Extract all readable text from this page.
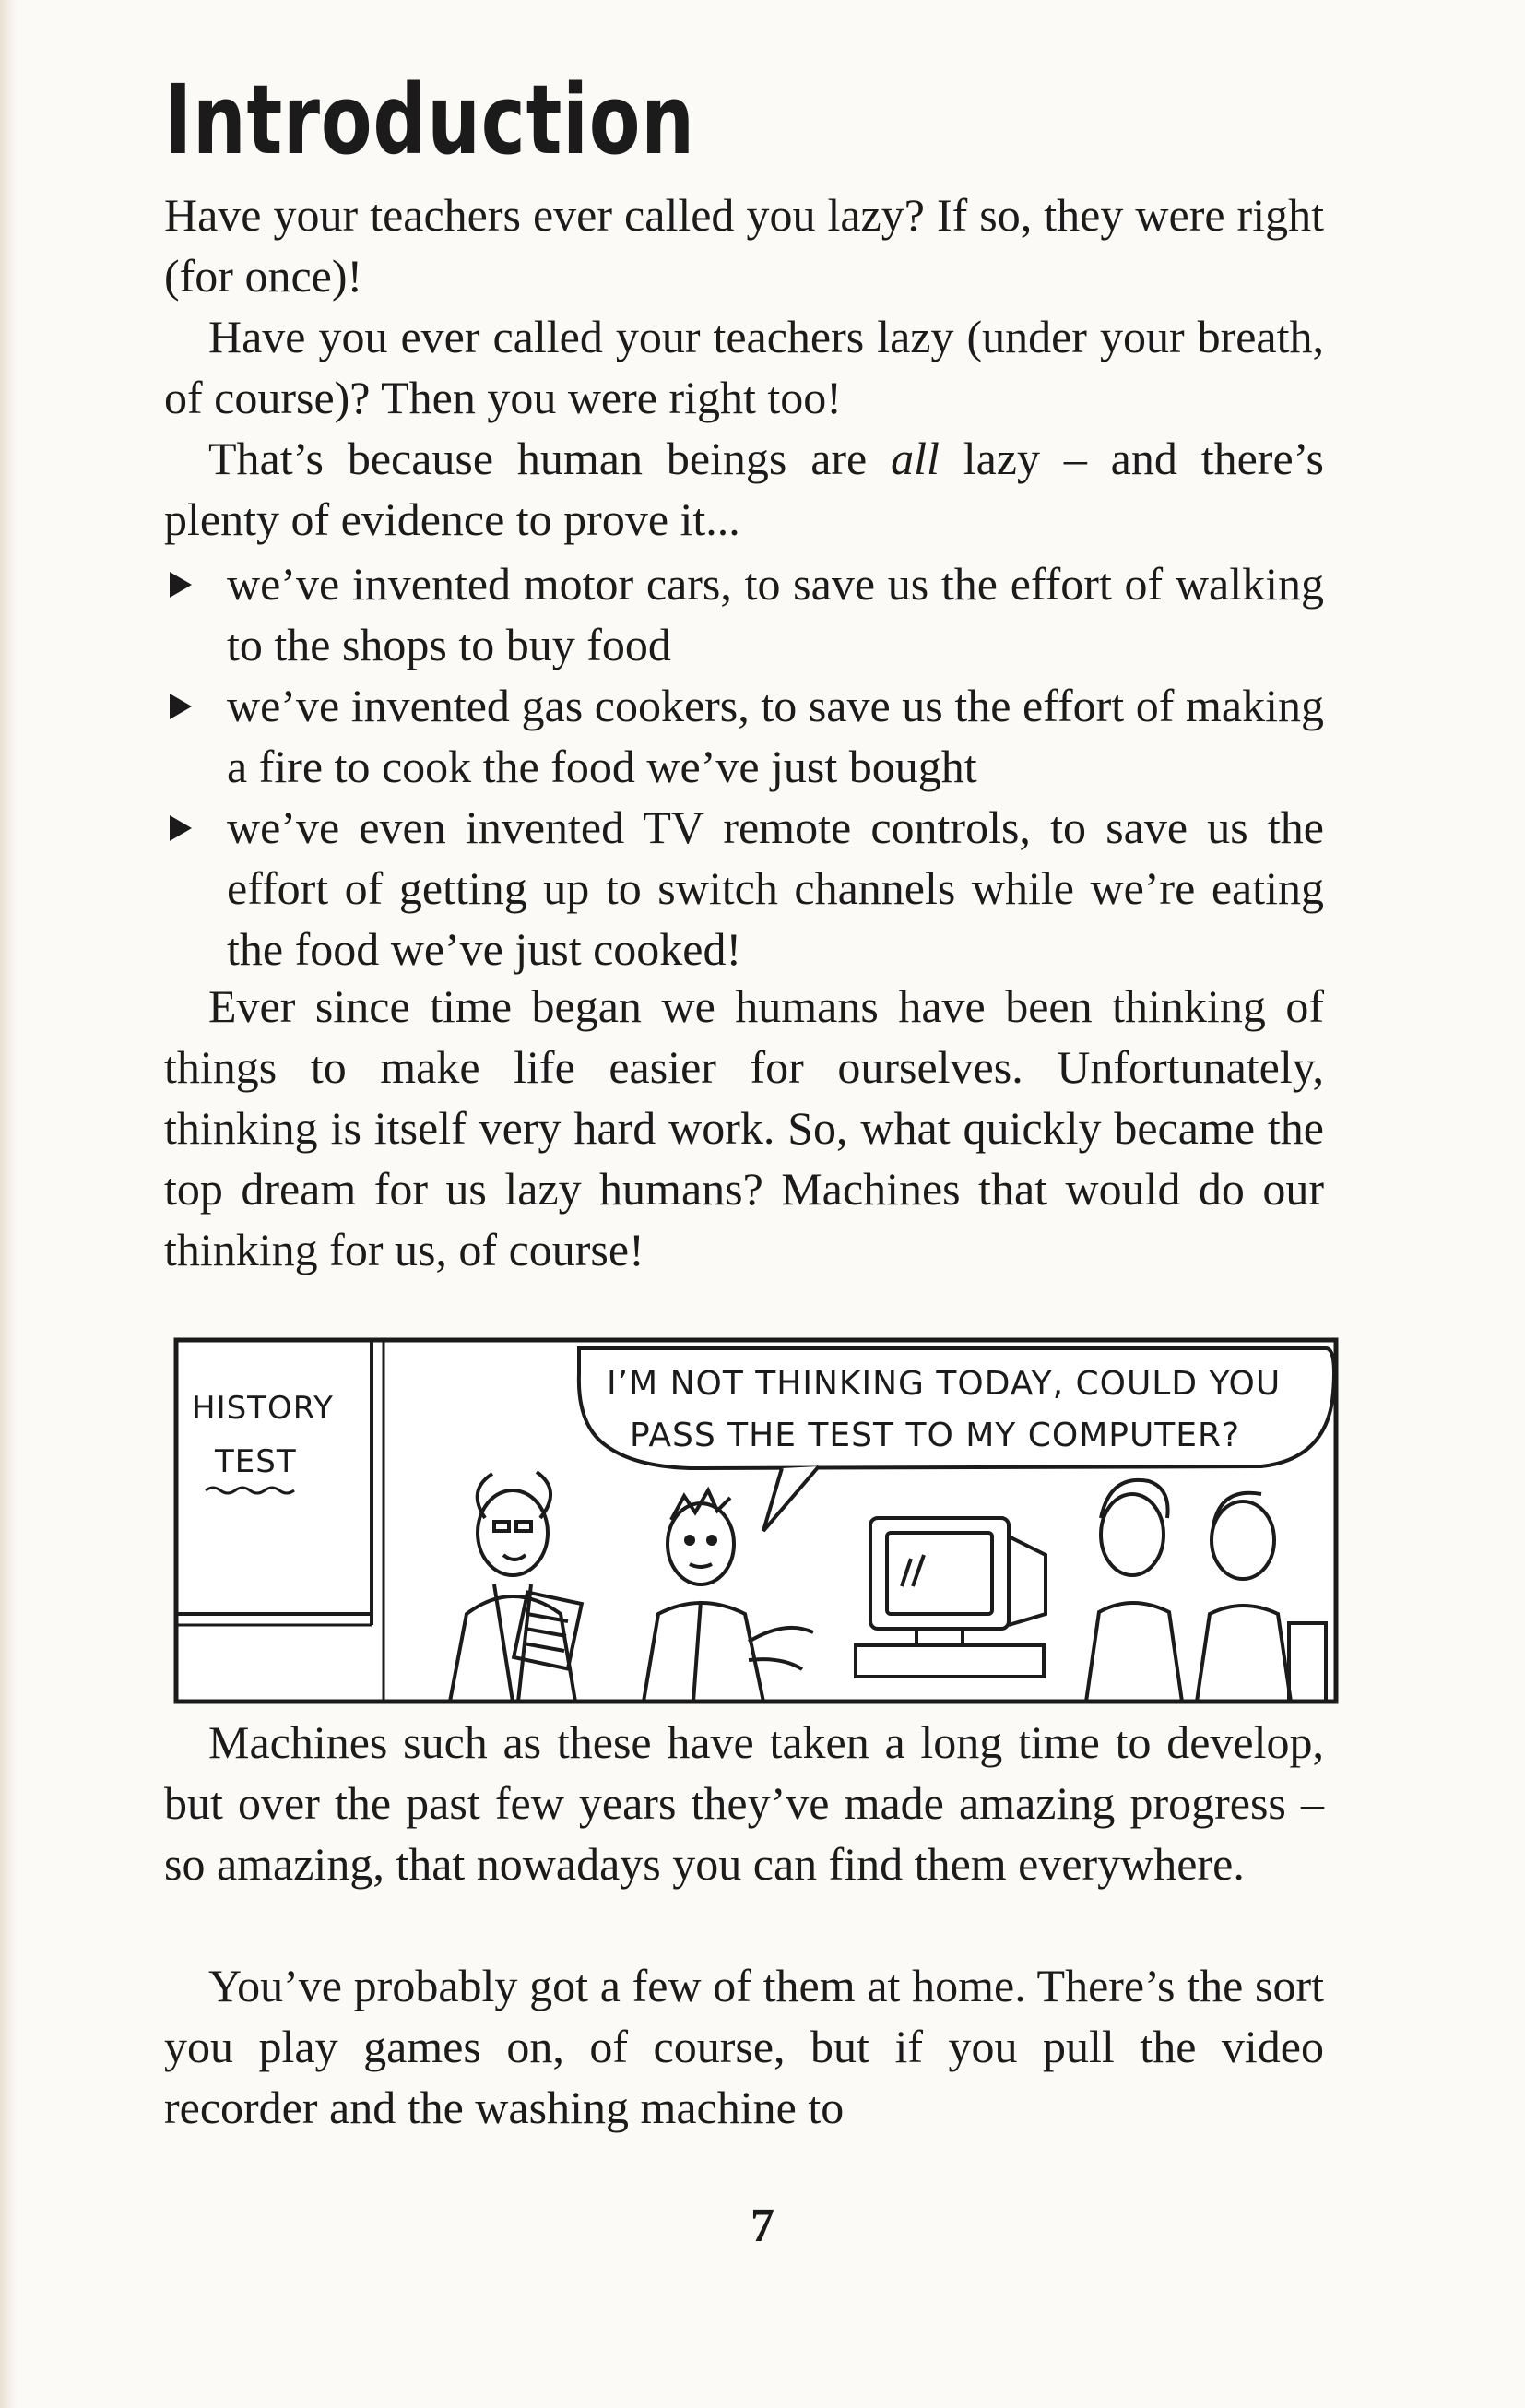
Introduction

Have your teachers ever called you lazy? If so, they were right (for once)!

Have you ever called your teachers lazy (under your breath, of course)? Then you were right too!

That’s because human beings are all lazy – and there’s plenty of evidence to prove it...

we’ve invented motor cars, to save us the effort of walking to the shops to buy food
we’ve invented gas cookers, to save us the effort of making a fire to cook the food we’ve just bought
we’ve even invented TV remote controls, to save us the effort of getting up to switch channels while we’re eating the food we’ve just cooked!

Ever since time began we humans have been thinking of things to make life easier for ourselves. Unfortunately, thinking is itself very hard work. So, what quickly became the top dream for us lazy humans? Machines that would do our thinking for us, of course!

HISTORY
TEST
I’M NOT THINKING TODAY, COULD YOU
PASS THE TEST TO MY COMPUTER?

Machines such as these have taken a long time to develop, but over the past few years they’ve made amazing progress – so amazing, that nowadays you can find them everywhere.

You’ve probably got a few of them at home. There’s the sort you play games on, of course, but if you pull the video recorder and the washing machine to

7
